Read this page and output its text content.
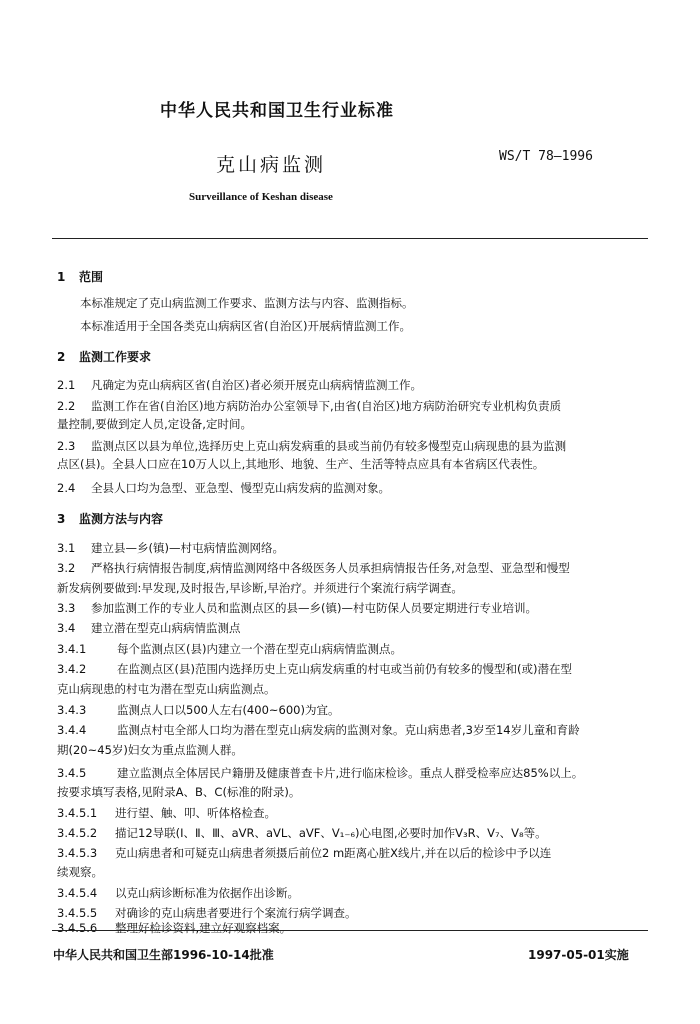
中华人民共和国卫生行业标准
克山病监测	WS/T 78—1996
Surveillance of Keshan disease
1 范围
本标准规定了克山病监测工作要求、监测方法与内容、监测指标。
本标准适用于全国各类克山病病区省(自治区)开展病情监测工作。
2 监测工作要求
2.1 凡确定为克山病病区省(自治区)者必须开展克山病病情监测工作。
2.2 监测工作在省(自治区)地方病防治办公室领导下,由省(自治区)地方病防治研究专业机构负责质
量控制,要做到定人员,定设备,定时间。
2.3 监测点区以县为单位,选择历史上克山病发病重的县或当前仍有较多慢型克山病现患的县为监测
点区(县)。全县人口应在10万人以上,其地形、地貌、生产、生活等特点应具有本省病区代表性。
2.4 全县人口均为急型、亚急型、慢型克山病发病的监测对象。
3 监测方法与内容
3.1 建立县—乡(镇)—村屯病情监测网络。
3.2 严格执行病情报告制度,病情监测网络中各级医务人员承担病情报告任务,对急型、亚急型和慢型
新发病例要做到:早发现,及时报告,早诊断,早治疗。并须进行个案流行病学调查。
3.3 参加监测工作的专业人员和监测点区的县—乡(镇)—村屯防保人员要定期进行专业培训。
3.4 建立潜在型克山病病情监测点
3.4.1	每个监测点区(县)内建立一个潜在型克山病病情监测点。
3.4.2	在监测点区(县)范围内选择历史上克山病发病重的村屯或当前仍有较多的慢型和(或)潜在型
克山病现患的村屯为潜在型克山病监测点。
3.4.3	监测点人口以500人左右(400~600)为宜。
3.4.4	监测点村屯全部人口均为潜在型克山病发病的监测对象。克山病患者,3岁至14岁儿童和育龄
期(20~45岁)妇女为重点监测人群。
3.4.5	建立监测点全体居民户籍册及健康普查卡片,进行临床检诊。重点人群受检率应达85%以上。
按要求填写表格,见附录A、B、C(标准的附录)。
3.4.5.1 进行望、触、叩、听体格检查。
3.4.5.2 描记12导联(Ⅰ、Ⅱ、Ⅲ、aVR、aVL、aVF、V₁₋₆)心电图,必要时加作V₃R、V₇、V₈等。
3.4.5.3 克山病患者和可疑克山病患者须摄后前位2 m距离心脏X线片,并在以后的检诊中予以连
续观察。
3.4.5.4 以克山病诊断标准为依据作出诊断。
3.4.5.5 对确诊的克山病患者要进行个案流行病学调查。
3.4.5.6 整理好检诊资料,建立好观察档案。
中华人民共和国卫生部1996-10-14批准	1997-05-01实施
